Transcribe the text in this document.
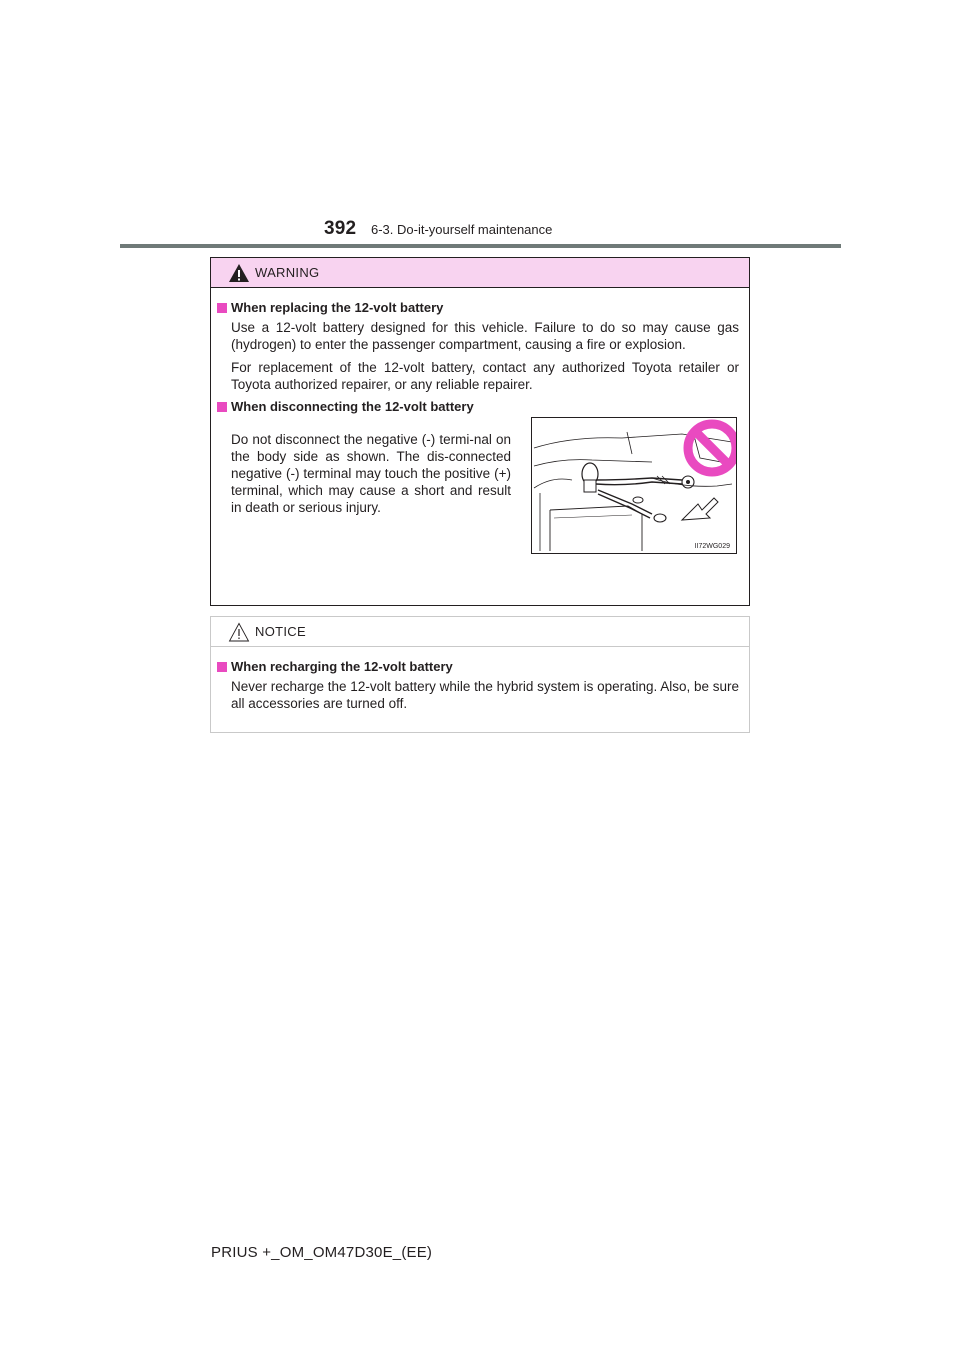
392 6-3. Do-it-yourself maintenance
WARNING
When replacing the 12-volt battery

Use a 12-volt battery designed for this vehicle. Failure to do so may cause gas (hydrogen) to enter the passenger compartment, causing a fire or explosion.

For replacement of the 12-volt battery, contact any authorized Toyota retailer or Toyota authorized repairer, or any reliable repairer.

When disconnecting the 12-volt battery

Do not disconnect the negative (-) termi-nal on the body side as shown. The dis-connected negative (-) terminal may touch the positive (+) terminal, which may cause a short and result in death or serious injury.

II72WG029
NOTICE
When recharging the 12-volt battery

Never recharge the 12-volt battery while the hybrid system is operating. Also, be sure all accessories are turned off.

PRIUS +_OM_OM47D30E_(EE)
